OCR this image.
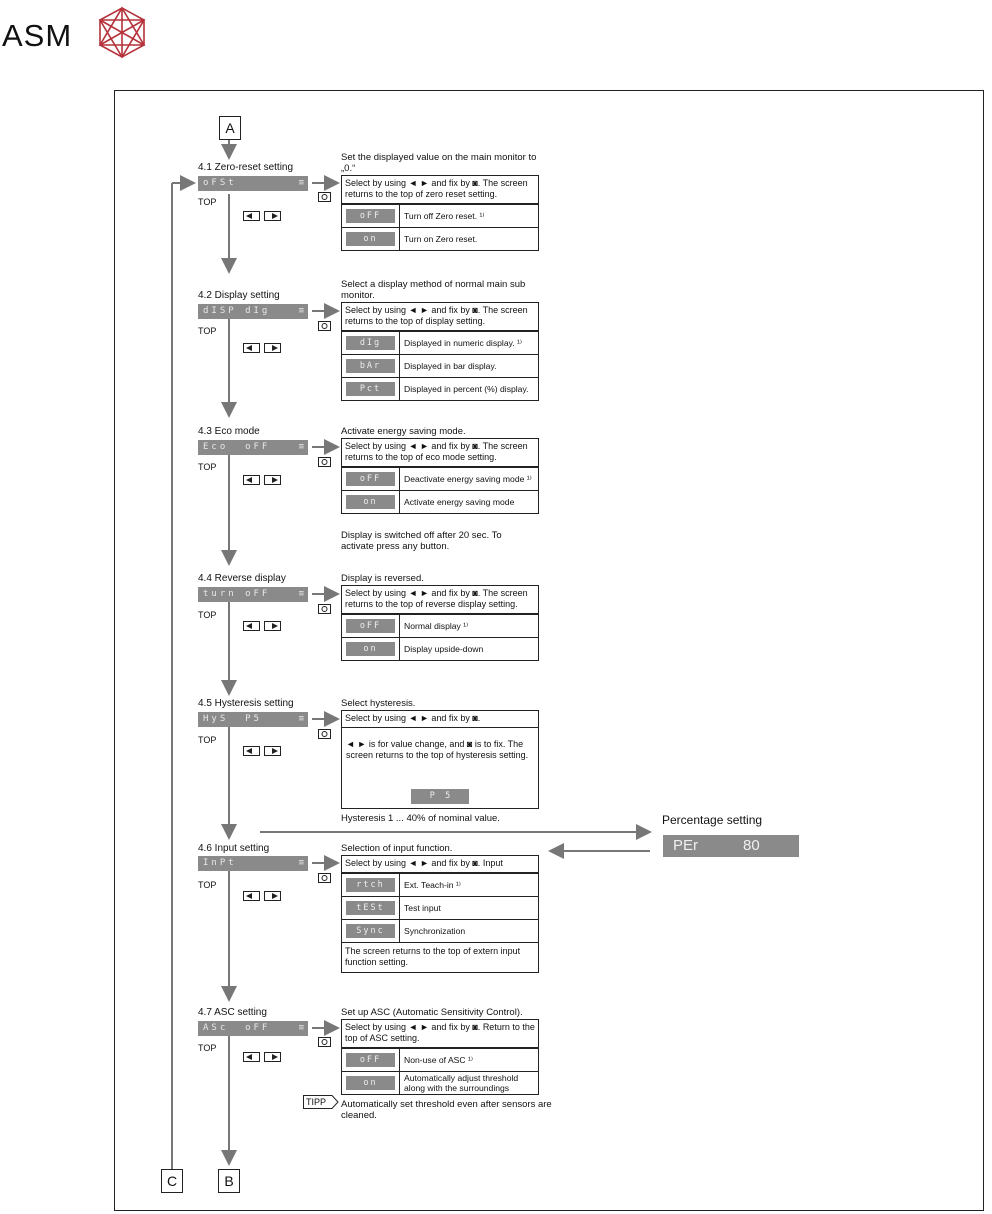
ASM
A
C	B
4.1 Zero-reset setting
oFSt	≡
TOP
Set the displayed value on the main monitor to „0.“
Select by using ◄ ► and fix by ◙. The screen returns to the top of zero reset setting.
oFF	Turn off Zero reset. ¹⁾
on	Turn on Zero reset.
4.2 Display setting
dISP dIg	≡
TOP
Select a display method of normal main sub monitor.
Select by using ◄ ► and fix by ◙. The screen returns to the top of display setting.
dIg	Displayed in numeric display. ¹⁾
bAr	Displayed in bar display.
Pct	Displayed in percent (%) display.
4.3 Eco mode
Eco  oFF	≡
TOP
Activate energy saving mode.
Select by using ◄ ► and fix by ◙. The screen returns to the top of eco mode setting.
oFF	Deactivate energy saving mode ¹⁾
on	Activate energy saving mode
Display is switched off after 20 sec. To activate press any button.
4.4 Reverse display
turn oFF	≡
TOP
Display is reversed.
Select by using ◄ ► and fix by ◙. The screen returns to the top of reverse display setting.
oFF	Normal display ¹⁾
on	Display upside-down
4.5 Hysteresis setting
HyS  P5	≡
TOP
Select hysteresis.
Select by using ◄ ► and fix by ◙.
◄ ► is for value change, and ◙ is to fix. The screen returns to the top of hysteresis setting.
P  5
Hysteresis 1 ... 40% of nominal value.	Percentage setting
PEr	80
4.6 Input setting
InPt	≡
TOP
Selection of input function.
Select by using ◄ ► and fix by ◙. Input
rtch	Ext. Teach-in ¹⁾
tESt	Test input
Sync	Synchronization
The screen returns to the top of extern input function setting.
4.7 ASC setting
ASc  oFF	≡
TOP
Set up ASC (Automatic Sensitivity Control).
Select by using ◄ ► and fix by ◙. Return to the top of ASC setting.
oFF	Non-use of ASC ¹⁾
on	Automatically adjust threshold along with the surroundings
TIPP Automatically set threshold even after sensors are cleaned.
